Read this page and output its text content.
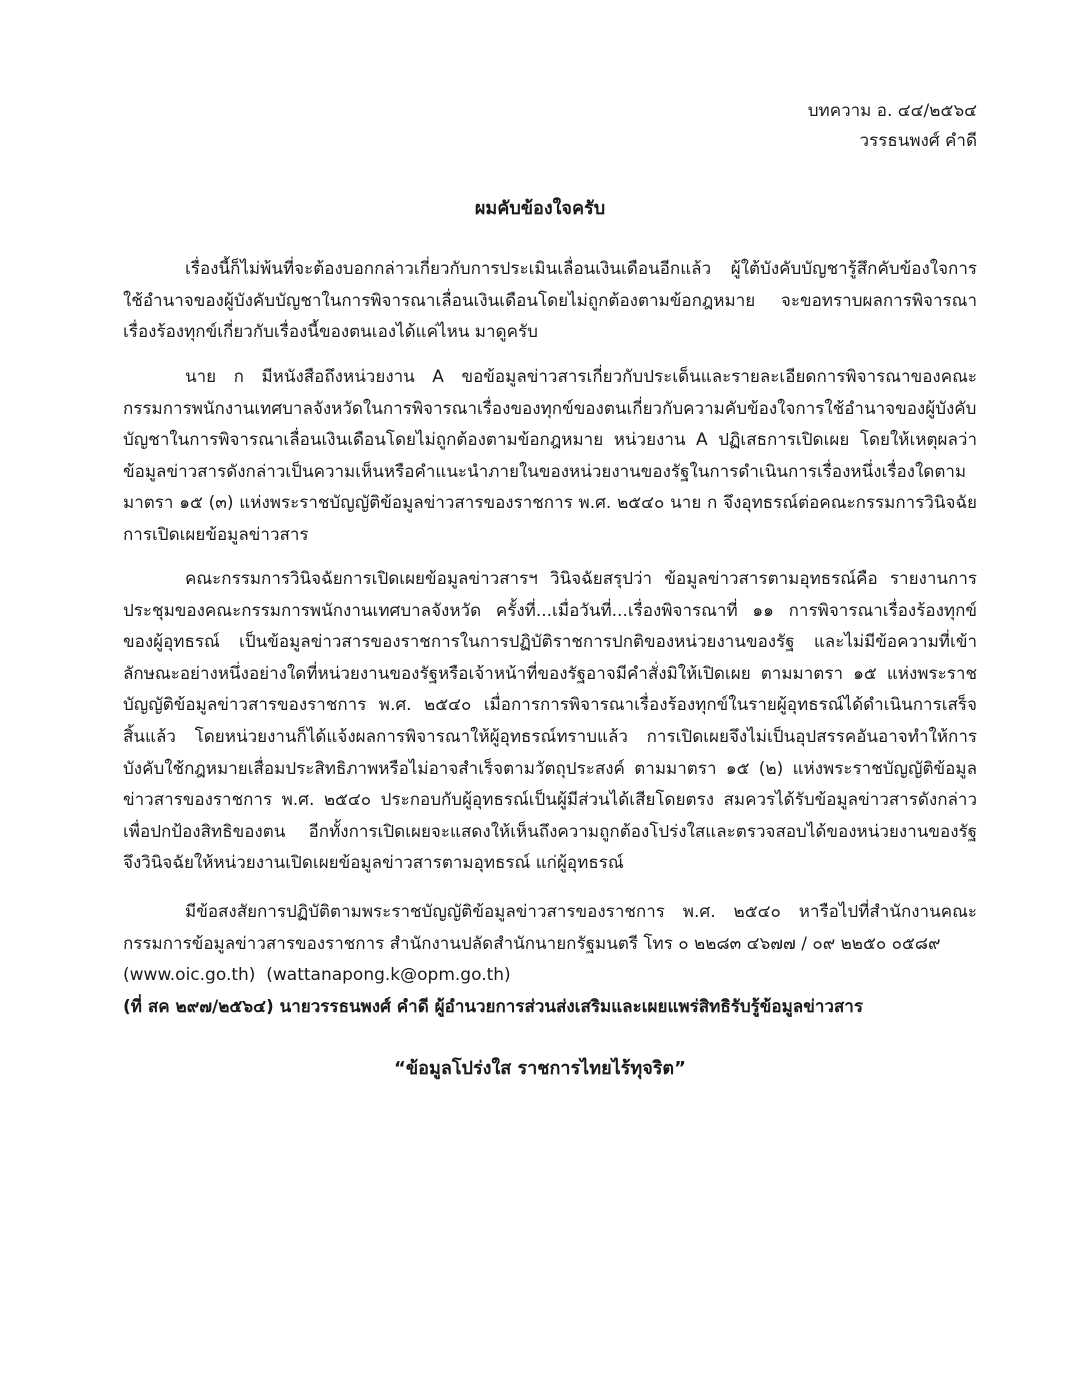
บทความ อ. ๔๔/๒๕๖๔
วรรธนพงศ์ คำดี
ผมคับข้องใจครับ

เรื่องนี้ก็ไม่พ้นที่จะต้องบอกกล่าวเกี่ยวกับการประเมินเลื่อนเงินเดือนอีกแล้ว ผู้ใต้บังคับบัญชารู้สึกคับข้องใจการใช้อำนาจของผู้บังคับบัญชาในการพิจารณาเลื่อนเงินเดือนโดยไม่ถูกต้องตามข้อกฎหมาย จะขอทราบผลการพิจารณาเรื่องร้องทุกข์เกี่ยวกับเรื่องนี้ของตนเองได้แค่ไหน มาดูครับ

นาย ก มีหนังสือถึงหน่วยงาน A ขอข้อมูลข่าวสารเกี่ยวกับประเด็นและรายละเอียดการพิจารณาของคณะกรรมการพนักงานเทศบาลจังหวัดในการพิจารณาเรื่องของทุกข์ของตนเกี่ยวกับความคับข้องใจการใช้อำนาจของผู้บังคับบัญชาในการพิจารณาเลื่อนเงินเดือนโดยไม่ถูกต้องตามข้อกฎหมาย หน่วยงาน A ปฏิเสธการเปิดเผย โดยให้เหตุผลว่า ข้อมูลข่าวสารดังกล่าวเป็นความเห็นหรือคำแนะนำภายในของหน่วยงานของรัฐในการดำเนินการเรื่องหนึ่งเรื่องใดตามมาตรา ๑๕ (๓) แห่งพระราชบัญญัติข้อมูลข่าวสารของราชการ พ.ศ. ๒๕๔๐ นาย ก จึงอุทธรณ์ต่อคณะกรรมการวินิจฉัยการเปิดเผยข้อมูลข่าวสาร

คณะกรรมการวินิจฉัยการเปิดเผยข้อมูลข่าวสารฯ วินิจฉัยสรุปว่า ข้อมูลข่าวสารตามอุทธรณ์คือ รายงานการประชุมของคณะกรรมการพนักงานเทศบาลจังหวัด ครั้งที่...เมื่อวันที่...เรื่องพิจารณาที่ ๑๑ การพิจารณาเรื่องร้องทุกข์ของผู้อุทธรณ์ เป็นข้อมูลข่าวสารของราชการในการปฏิบัติราชการปกติของหน่วยงานของรัฐ และไม่มีข้อความที่เข้าลักษณะอย่างหนึ่งอย่างใดที่หน่วยงานของรัฐหรือเจ้าหน้าที่ของรัฐอาจมีคำสั่งมิให้เปิดเผย ตามมาตรา ๑๕ แห่งพระราชบัญญัติข้อมูลข่าวสารของราชการ พ.ศ. ๒๕๔๐ เมื่อการการพิจารณาเรื่องร้องทุกข์ในรายผู้อุทธรณ์ได้ดำเนินการเสร็จสิ้นแล้ว โดยหน่วยงานก็ได้แจ้งผลการพิจารณาให้ผู้อุทธรณ์ทราบแล้ว การเปิดเผยจึงไม่เป็นอุปสรรคอันอาจทำให้การบังคับใช้กฎหมายเสื่อมประสิทธิภาพหรือไม่อาจสำเร็จตามวัตถุประสงค์ ตามมาตรา ๑๕ (๒) แห่งพระราชบัญญัติข้อมูลข่าวสารของราชการ พ.ศ. ๒๕๔๐ ประกอบกับผู้อุทธรณ์เป็นผู้มีส่วนได้เสียโดยตรง สมควรได้รับข้อมูลข่าวสารดังกล่าวเพื่อปกป้องสิทธิของตน อีกทั้งการเปิดเผยจะแสดงให้เห็นถึงความถูกต้องโปร่งใสและตรวจสอบได้ของหน่วยงานของรัฐ จึงวินิจฉัยให้หน่วยงานเปิดเผยข้อมูลข่าวสารตามอุทธรณ์ แก่ผู้อุทธรณ์

มีข้อสงสัยการปฏิบัติตามพระราชบัญญัติข้อมูลข่าวสารของราชการ พ.ศ. ๒๕๔๐ หารือไปที่สำนักงานคณะกรรมการข้อมูลข่าวสารของราชการ สำนักงานปลัดสำนักนายกรัฐมนตรี โทร ๐ ๒๒๘๓ ๔๖๗๗ / ๐๙ ๒๒๕๐ ๐๕๘๙

(www.oic.go.th) (wattanapong.k@opm.go.th)
(ที่ สค ๒๙๗/๒๕๖๔) นายวรรธนพงศ์ คำดี ผู้อำนวยการส่วนส่งเสริมและเผยแพร่สิทธิรับรู้ข้อมูลข่าวสาร
“ข้อมูลโปร่งใส ราชการไทยไร้ทุจริต”
